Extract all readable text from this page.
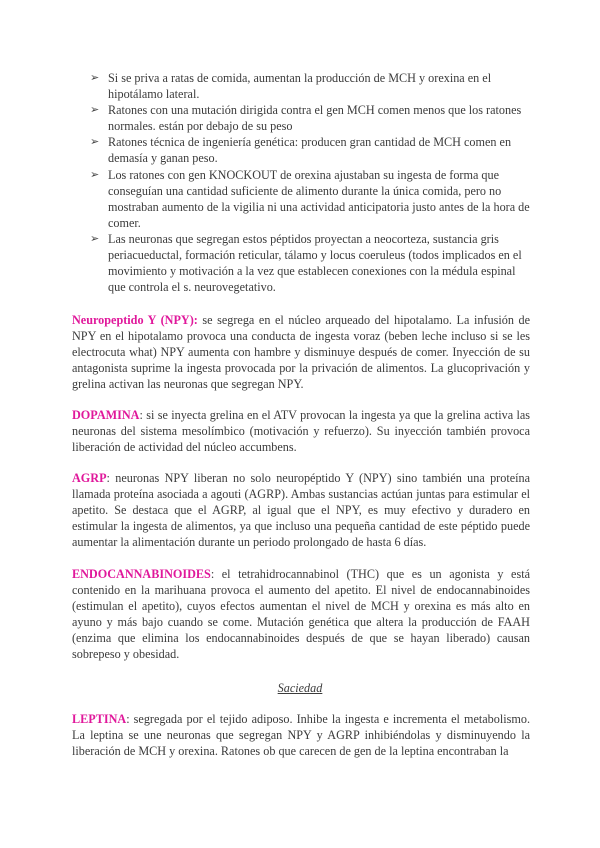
➢ Si se priva a ratas de comida, aumentan la producción de MCH y orexina en el hipotálamo lateral.
➢ Ratones con una mutación dirigida contra el gen MCH comen menos que los ratones normales. están por debajo de su peso
➢ Ratones técnica de ingeniería genética: producen gran cantidad de MCH comen en demasía y ganan peso.
➢ Los ratones con gen KNOCKOUT de orexina ajustaban su ingesta de forma que conseguían una cantidad suficiente de alimento durante la única comida, pero no mostraban aumento de la vigilia ni una actividad anticipatoria justo antes de la hora de comer.
➢ Las neuronas que segregan estos péptidos proyectan a neocorteza, sustancia gris periacueductal, formación reticular, tálamo y locus coeruleus (todos implicados en el movimiento y motivación a la vez que establecen conexiones con la médula espinal que controla el s. neurovegetativo.

Neuropeptido Y (NPY): se segrega en el núcleo arqueado del hipotalamo. La infusión de NPY en el hipotalamo provoca una conducta de ingesta voraz (beben leche incluso si se les electrocuta what) NPY aumenta con hambre y disminuye después de comer. Inyección de su antagonista suprime la ingesta provocada por la privación de alimentos. La glucoprivación y grelina activan las neuronas que segregan NPY.

DOPAMINA: si se inyecta grelina en el ATV provocan la ingesta ya que la grelina activa las neuronas del sistema mesolímbico (motivación y refuerzo). Su inyección también provoca liberación de actividad del núcleo accumbens.

AGRP: neuronas NPY liberan no solo neuropéptido Y (NPY) sino también una proteína llamada proteína asociada a agouti (AGRP). Ambas sustancias actúan juntas para estimular el apetito. Se destaca que el AGRP, al igual que el NPY, es muy efectivo y duradero en estimular la ingesta de alimentos, ya que incluso una pequeña cantidad de este péptido puede aumentar la alimentación durante un periodo prolongado de hasta 6 días.

ENDOCANNABINOIDES: el tetrahidrocannabinol (THC) que es un agonista y está contenido en la marihuana provoca el aumento del apetito. El nivel de endocannabinoides (estimulan el apetito), cuyos efectos aumentan el nivel de MCH y orexina es más alto en ayuno y más bajo cuando se come. Mutación genética que altera la producción de FAAH (enzima que elimina los endocannabinoides después de que se hayan liberado) causan sobrepeso y obesidad.

Saciedad

LEPTINA: segregada por el tejido adiposo. Inhibe la ingesta e incrementa el metabolismo. La leptina se une neuronas que segregan NPY y AGRP inhibiéndolas y disminuyendo la liberación de MCH y orexina. Ratones ob que carecen de gen de la leptina encontraban la
